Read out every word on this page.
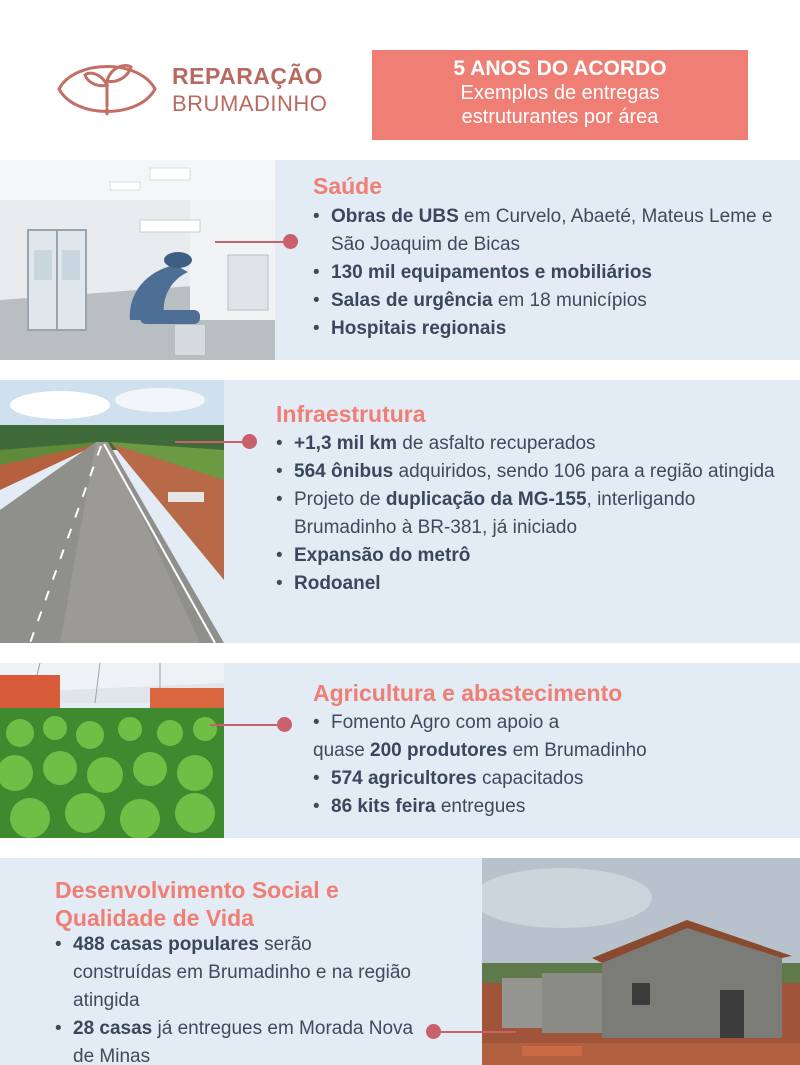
REPARAÇÃO
BRUMADINHO
5 ANOS DO ACORDO
Exemplos de entregas
estruturantes por área
Saúde
• Obras de UBS em Curvelo, Abaeté, Mateus Leme e São Joaquim de Bicas
• 130 mil equipamentos e mobiliários
• Salas de urgência em 18 municípios
• Hospitais regionais
Infraestrutura
• +1,3 mil km de asfalto recuperados
• 564 ônibus adquiridos, sendo 106 para a região atingida
• Projeto de duplicação da MG-155, interligando Brumadinho à BR-381, já iniciado
• Expansão do metrô
• Rodoanel
Agricultura e abastecimento
• Fomento Agro com apoio a
quase 200 produtores em Brumadinho
• 574 agricultores capacitados
• 86 kits feira entregues
Desenvolvimento Social e
Qualidade de Vida
• 488 casas populares serão construídas em Brumadinho e na região atingida
• 28 casas já entregues em Morada Nova de Minas
